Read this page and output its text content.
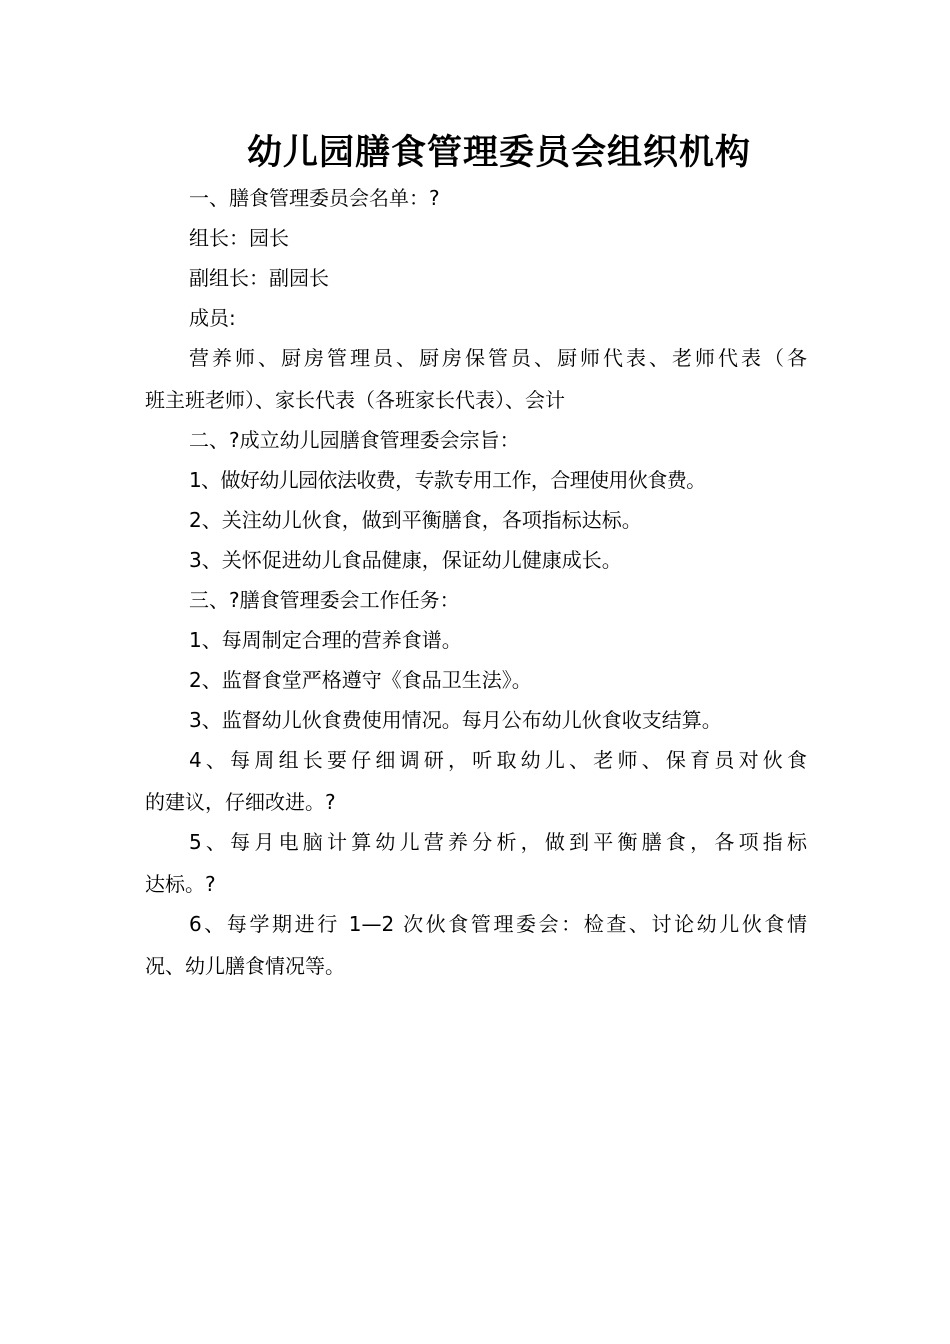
幼儿园膳食管理委员会组织机构
一、膳食管理委员会名单：?
组长：园长
副组长：副园长
成员:
营养师、厨房管理员、厨房保管员、厨师代表、老师代表（各
班主班老师）、家长代表（各班家长代表）、会计
二、?成立幼儿园膳食管理委会宗旨：
1、做好幼儿园依法收费，专款专用工作，合理使用伙食费。
2、关注幼儿伙食，做到平衡膳食，各项指标达标。
3、关怀促进幼儿食品健康，保证幼儿健康成长。
三、?膳食管理委会工作任务：
1、每周制定合理的营养食谱。
2、监督食堂严格遵守《食品卫生法》。
3、监督幼儿伙食费使用情况。每月公布幼儿伙食收支结算。
4、每周组长要仔细调研，听取幼儿、老师、保育员对伙食
的建议，仔细改进。?
5、每月电脑计算幼儿营养分析，做到平衡膳食，各项指标
达标。?
6、每学期进行 1—2 次伙食管理委会：检查、讨论幼儿伙食情
况、幼儿膳食情况等。
